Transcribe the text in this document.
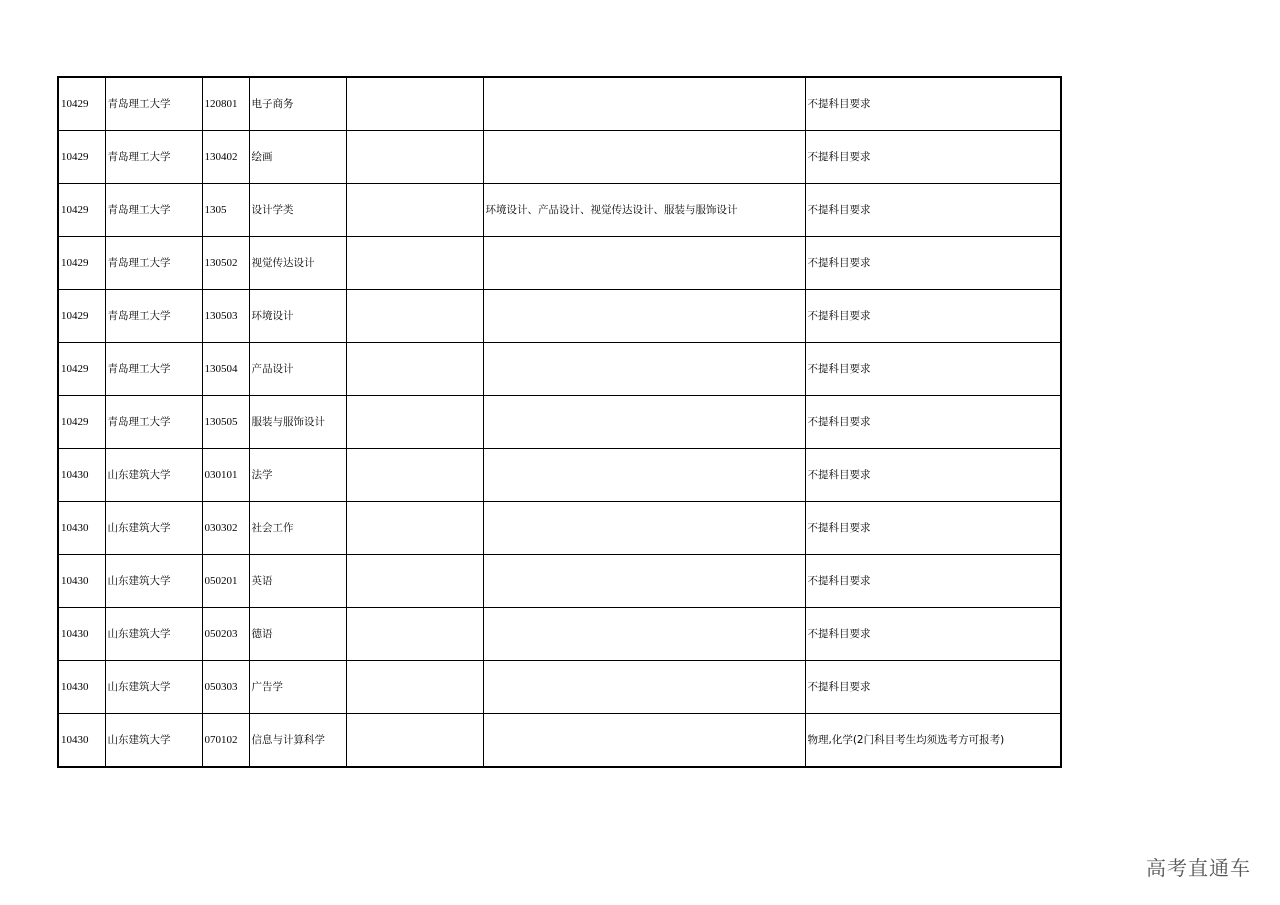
10429	青岛理工大学	120801	电子商务			不提科目要求
10429	青岛理工大学	130402	绘画			不提科目要求
10429	青岛理工大学	1305	设计学类		环境设计、产品设计、视觉传达设计、服装与服饰设计	不提科目要求
10429	青岛理工大学	130502	视觉传达设计			不提科目要求
10429	青岛理工大学	130503	环境设计			不提科目要求
10429	青岛理工大学	130504	产品设计			不提科目要求
10429	青岛理工大学	130505	服装与服饰设计			不提科目要求
10430	山东建筑大学	030101	法学			不提科目要求
10430	山东建筑大学	030302	社会工作			不提科目要求
10430	山东建筑大学	050201	英语			不提科目要求
10430	山东建筑大学	050203	德语			不提科目要求
10430	山东建筑大学	050303	广告学			不提科目要求
10430	山东建筑大学	070102	信息与计算科学			物理,化学(2门科目考生均须选考方可报考)
高考直通车
